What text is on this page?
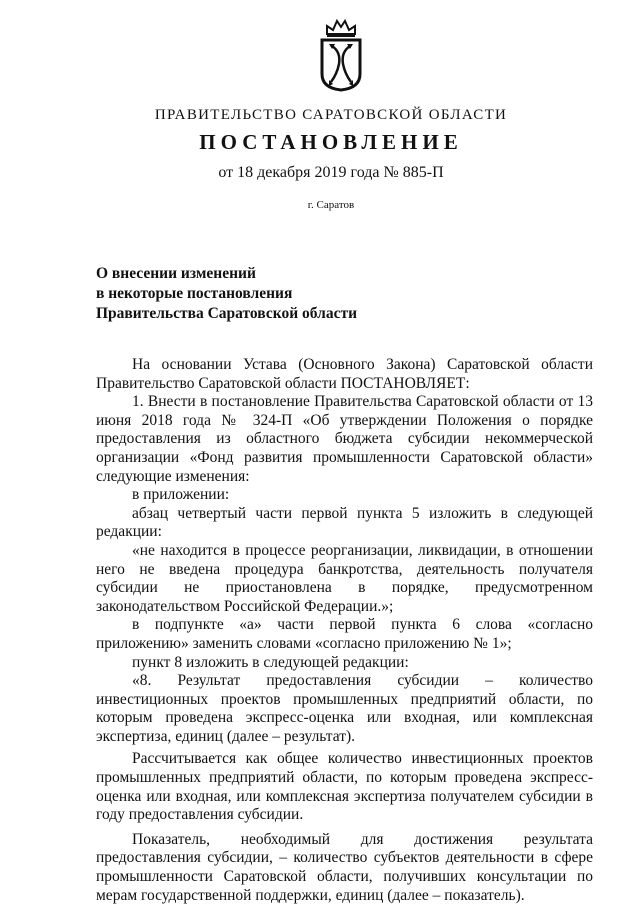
ПРАВИТЕЛЬСТВО САРАТОВСКОЙ ОБЛАСТИ
ПОСТАНОВЛЕНИЕ
от 18 декабря 2019 года № 885-П
г. Саратов
О внесении изменений
в некоторые постановления
Правительства Саратовской области

На основании Устава (Основного Закона) Саратовской области Правительство Саратовской области ПОСТАНОВЛЯЕТ:

1. Внести в постановление Правительства Саратовской области от 13 июня 2018 года № 324-П «Об утверждении Положения о порядке предоставления из областного бюджета субсидии некоммерческой организации «Фонд развития промышленности Саратовской области» следующие изменения:

в приложении:

абзац четвертый части первой пункта 5 изложить в следующей редакции:

«не находится в процессе реорганизации, ликвидации, в отношении него не введена процедура банкротства, деятельность получателя субсидии не приостановлена в порядке, предусмотренном законодательством Российской Федерации.»;

в подпункте «а» части первой пункта 6 слова «согласно приложению» заменить словами «согласно приложению № 1»;

пункт 8 изложить в следующей редакции:

«8. Результат предоставления субсидии – количество инвестиционных проектов промышленных предприятий области, по которым проведена экспресс-оценка или входная, или комплексная экспертиза, единиц (далее – результат).

Рассчитывается как общее количество инвестиционных проектов промышленных предприятий области, по которым проведена экспресс-оценка или входная, или комплексная экспертиза получателем субсидии в году предоставления субсидии.

Показатель, необходимый для достижения результата предоставления субсидии, – количество субъектов деятельности в сфере промышленности Саратовской области, получивших консультации по мерам государственной поддержки, единиц (далее – показатель).
